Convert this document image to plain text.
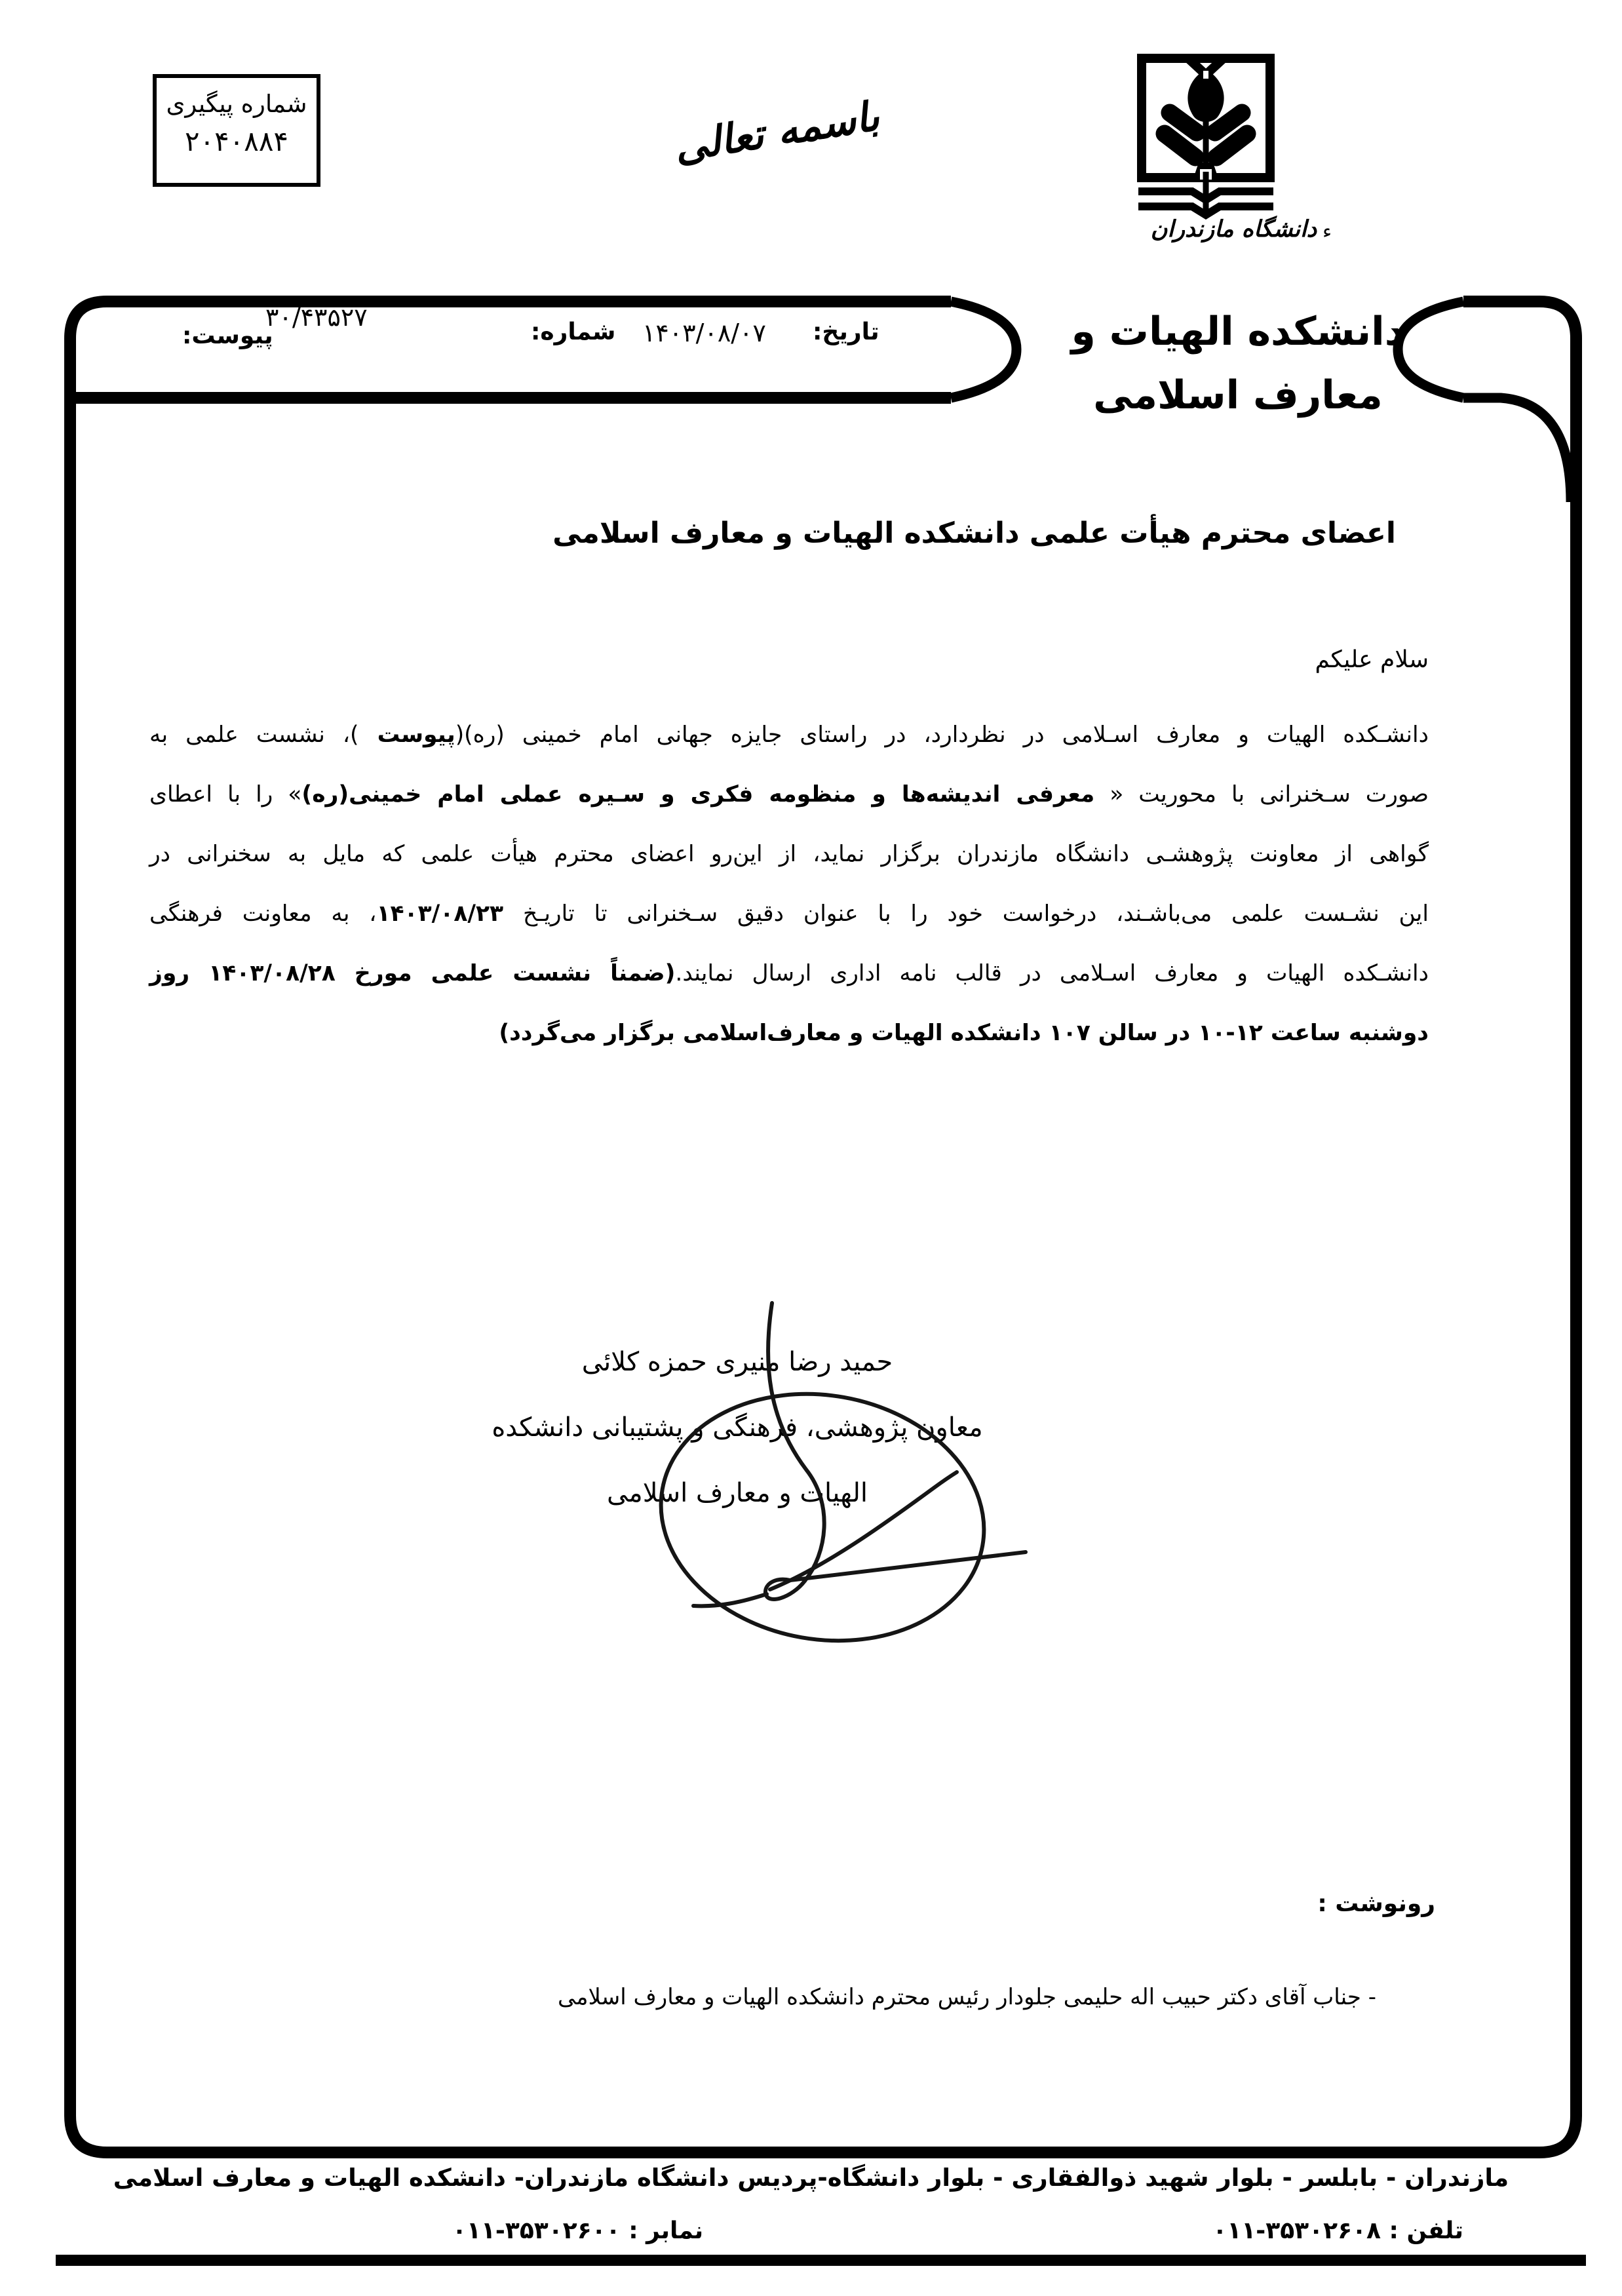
شماره پیگیری
۲۰۴۰۸۸۴	باسمه تعالی
دانشگاه مازندران ء
دانشکده الهیات و
معارف اسلامی
تاریخ:
۱۴۰۳/۰۸/۰۷
شماره:
۳۰/۴۳۵۲۷
پیوست:
اعضای محترم هیأت علمی دانشکده الهیات و معارف اسلامی
سلام علیکم
دانشـکده الهیات و معارف اسـلامی در نظردارد، در راستای جایزه جهانی امام خمینی (ره)(پیوست )، نشست علمی به
صورت سـخنرانی با محوریت « معرفی اندیشه‌ها و منظومه فکری و سـیره عملی امام خمینی(ره)» را با اعطای
گواهی از معاونت پژوهشـی دانشگاه مازندران برگزار نماید، از این‌رو اعضای محترم هیأت علمی که مایل به سخنرانی در
این نشـست علمی می‌باشـند، درخواست خود را با عنوان دقیق سـخنرانی تا تاریـخ ۱۴۰۳/۰۸/۲۳، به معاونت فرهنگی
دانشـکده الهیات و معارف اسـلامی در قالب نامه اداری ارسال نمایند.(ضمناً نشست علمی مورخ ۱۴۰۳/۰۸/۲۸ روز
دوشنبه ساعت ۱۲-۱۰ در سالن ۱۰۷ دانشکده الهیات و معارف‌اسلامی برگزار می‌گردد)
حمید رضا منیری حمزه کلائی
معاون پژوهشی، فرهنگی و پشتیبانی دانشکده
الهیات و معارف اسلامی
رونوشت :
- جناب آقای دکتر حبیب اله حلیمی جلودار رئیس محترم دانشکده الهیات و معارف اسلامی
مازندران - بابلسر - بلوار شهید ذوالفقاری - بلوار دانشگاه-پردیس دانشگاه مازندران- دانشکده الهیات و معارف اسلامی
تلفن : ۰۱۱-۳۵۳۰۲۶۰۸
نمابر : ۰۱۱-۳۵۳۰۲۶۰۰
